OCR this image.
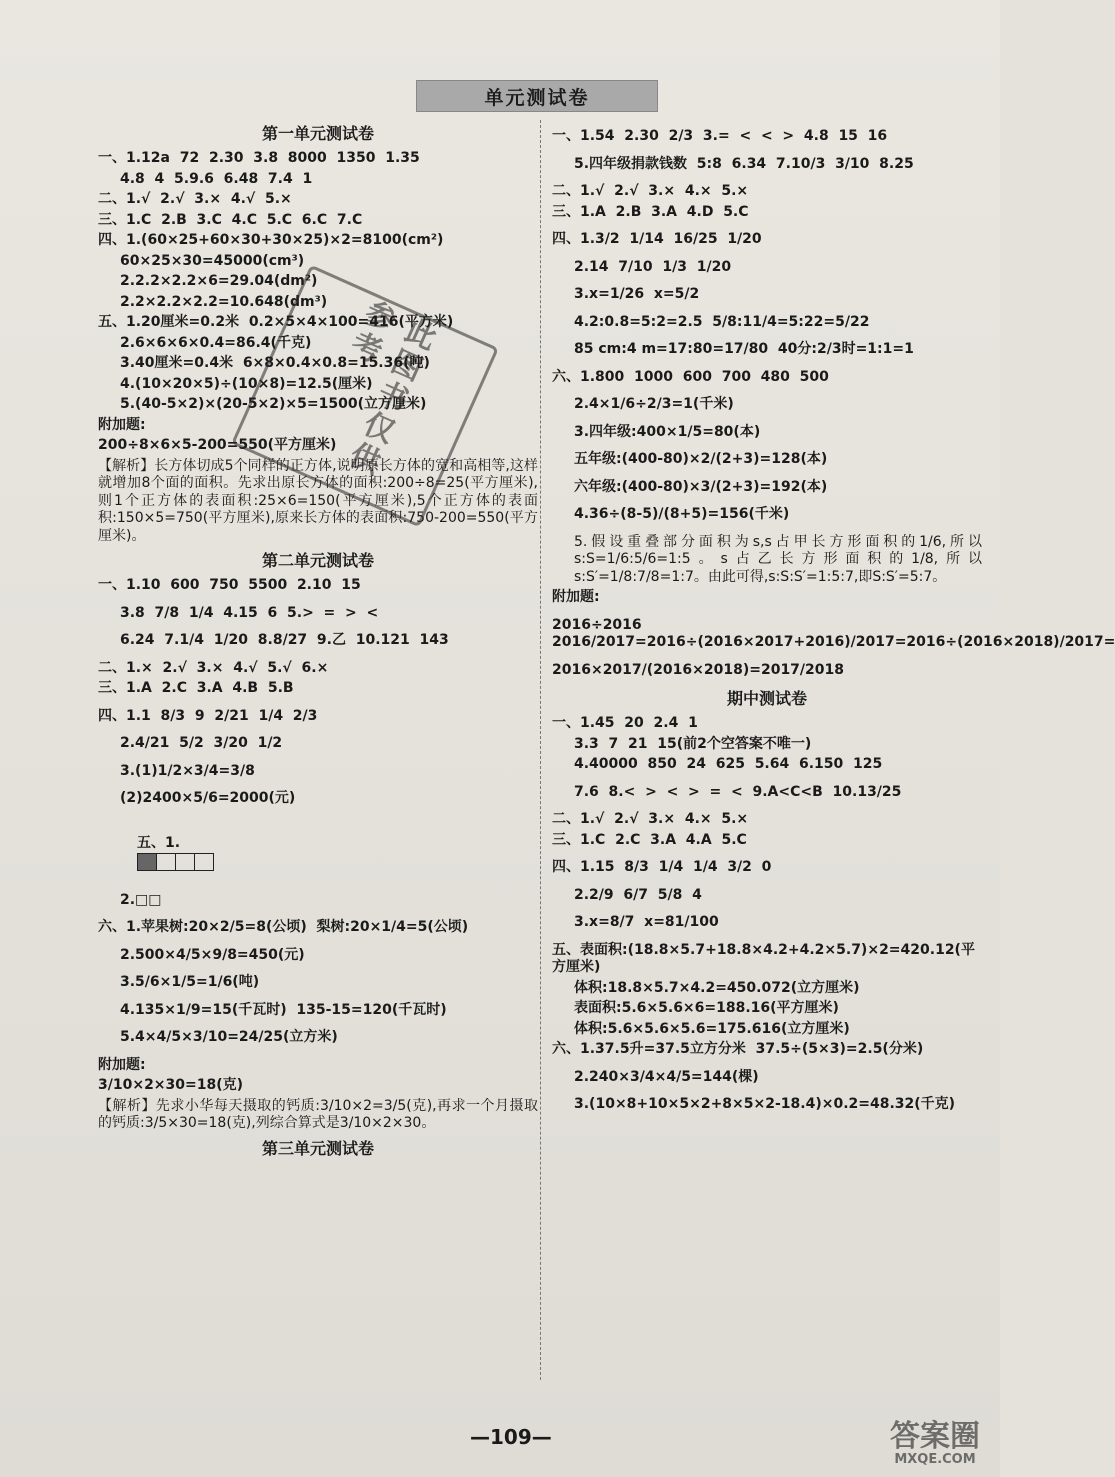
单元测试卷
第一单元测试卷
一、1.12a  72  2.30  3.8  8000  1350  1.35
4.8  4  5.9.6  6.48  7.4  1
二、1.√  2.√  3.×  4.√  5.×
三、1.C  2.B  3.C  4.C  5.C  6.C  7.C
四、1.(60×25+60×30+30×25)×2=8100(cm²)
60×25×30=45000(cm³)
2.2.2×2.2×6=29.04(dm²)
2.2×2.2×2.2=10.648(dm³)
五、1.20厘米=0.2米  0.2×5×4×100=416(平方米)
2.6×6×6×0.4=86.4(千克)
3.40厘米=0.4米  6×8×0.4×0.8=15.36(吨)
4.(10×20×5)÷(10×8)=12.5(厘米)
5.(40-5×2)×(20-5×2)×5=1500(立方厘米)
附加题:
200÷8×6×5-200=550(平方厘米)
【解析】长方体切成5个同样的正方体,说明原长方体的宽和高相等,这样就增加8个面的面积。先求出原长方体的面积:200÷8=25(平方厘米),则1个正方体的表面积:25×6=150(平方厘米),5个正方体的表面积:150×5=750(平方厘米),原来长方体的表面积:750-200=550(平方厘米)。
第二单元测试卷
一、1.10  600  750  5500  2.10  15
3.8  7/8  1/4  4.15  6  5.>  =  >  <
6.24  7.1/4  1/20  8.8/27  9.乙  10.121  143
二、1.×  2.√  3.×  4.√  5.√  6.×
三、1.A  2.C  3.A  4.B  5.B
四、1.1  8/3  9  2/21  1/4  2/3
2.4/21  5/2  3/20  1/2
3.(1)1/2×3/4=3/8
(2)2400×5/6=2000(元)

五、1.

2.□□
六、1.苹果树:20×2/5=8(公顷)  梨树:20×1/4=5(公顷)
2.500×4/5×9/8=450(元)
3.5/6×1/5=1/6(吨)
4.135×1/9=15(千瓦时)  135-15=120(千瓦时)
5.4×4/5×3/10=24/25(立方米)
附加题:
3/10×2×30=18(克)
【解析】先求小华每天摄取的钙质:3/10×2=3/5(克),再求一个月摄取的钙质:3/5×30=18(克),列综合算式是3/10×2×30。
第三单元测试卷
一、1.54  2.30  2/3  3.=  <  <  >  4.8  15  16
5.四年级捐款钱数  5:8  6.34  7.10/3  3/10  8.25
二、1.√  2.√  3.×  4.×  5.×
三、1.A  2.B  3.A  4.D  5.C
四、1.3/2  1/14  16/25  1/20
2.14  7/10  1/3  1/20
3.x=1/26  x=5/2
4.2:0.8=5:2=2.5  5/8:11/4=5:22=5/22
85 cm:4 m=17:80=17/80  40分:2/3时=1:1=1
六、1.800  1000  600  700  480  500
2.4×1/6÷2/3=1(千米)
3.四年级:400×1/5=80(本)
五年级:(400-80)×2/(2+3)=128(本)
六年级:(400-80)×3/(2+3)=192(本)
4.36÷(8-5)/(8+5)=156(千米)
5.假设重叠部分面积为s,s占甲长方形面积的1/6,所以s:S=1/6:5/6=1:5。s占乙长方形面积的1/8,所以s:S′=1/8:7/8=1:7。由此可得,s:S:S′=1:5:7,即S:S′=5:7。
附加题:
2016÷2016 2016/2017=2016÷(2016×2017+2016)/2017=2016÷(2016×2018)/2017=
2016×2017/(2016×2018)=2017/2018
期中测试卷
一、1.45  20  2.4  1
3.3  7  21  15(前2个空答案不唯一)
4.40000  850  24  625  5.64  6.150  125
7.6  8.<  >  <  >  =  <  9.A<C<B  10.13/25
二、1.√  2.√  3.×  4.×  5.×
三、1.C  2.C  3.A  4.A  5.C
四、1.15  8/3  1/4  1/4  3/2  0
2.2/9  6/7  5/8  4
3.x=8/7  x=81/100
五、表面积:(18.8×5.7+18.8×4.2+4.2×5.7)×2=420.12(平方厘米)
体积:18.8×5.7×4.2=450.072(立方厘米)
表面积:5.6×5.6×6=188.16(平方厘米)
体积:5.6×5.6×5.6=175.616(立方厘米)
六、1.37.5升=37.5立方分米  37.5÷(5×3)=2.5(分米)
2.240×3/4×4/5=144(棵)
3.(10×8+10×5×2+8×5×2-18.4)×0.2=48.32(千克)
此图书仅供参考
—109—	答案圈
MXQE.COM
